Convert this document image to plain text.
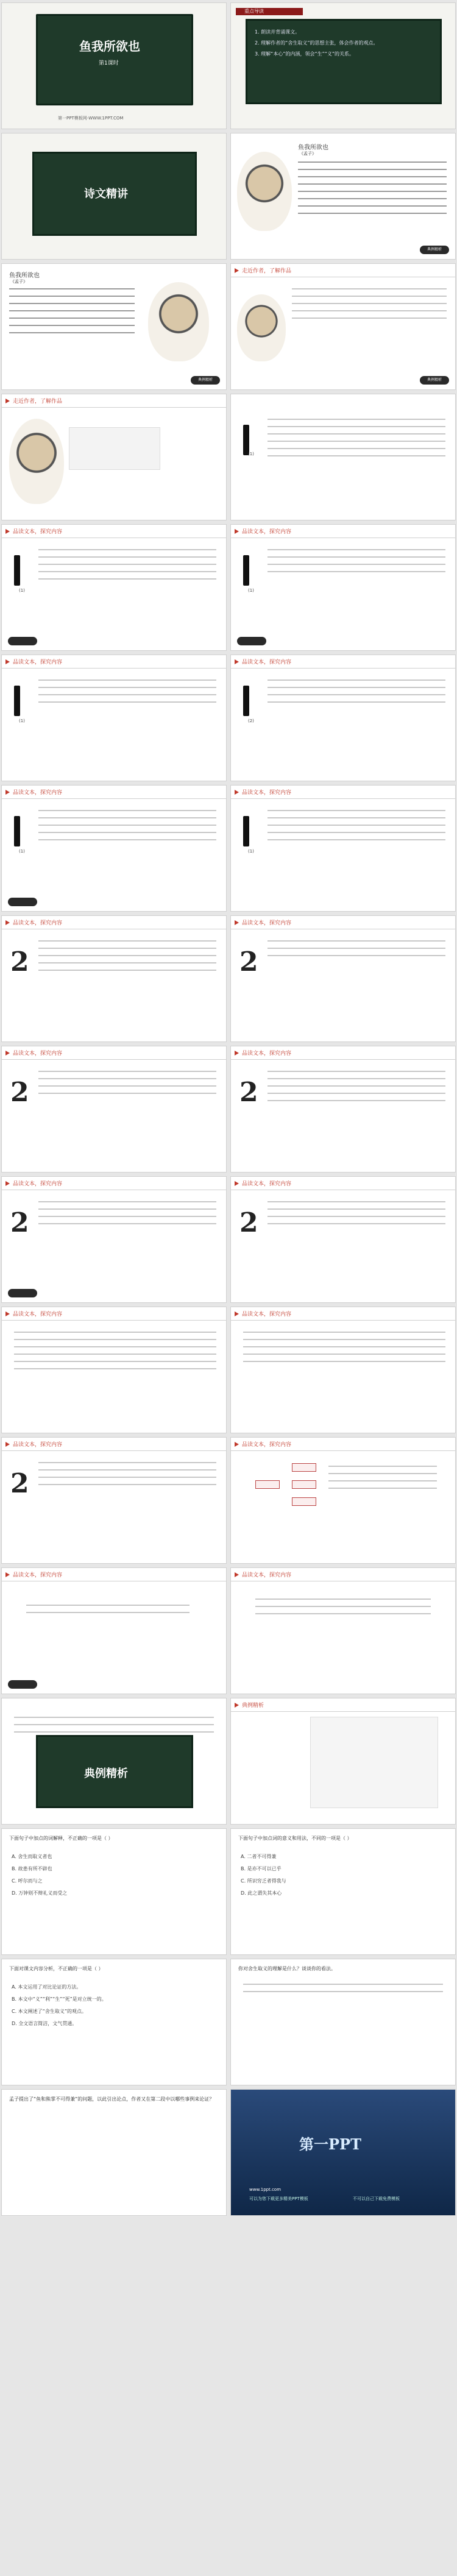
鱼我所欲也
第1课时
第一PPT模板网-WWW.1PPT.COM
重点导读
1. 朗读并背诵课文。
2. 理解作者的“舍生取义”的思想主张，体会作者的观点。
3. 理解“本心”的内涵，领会“生”“义”的关系。
诗文精讲
鱼我所欲也
《孟子》
典例精析
鱼我所欲也
《孟子》
典例精析
走近作者，了解作品
典例精析
走近作者，了解作品
(1)
品读文本，探究内容
(1)
品读文本，探究内容
(1)
品读文本，探究内容
(1)
品读文本，探究内容
(2)
品读文本，探究内容
(1)
品读文本，探究内容
(1)
品读文本，探究内容
2
品读文本，探究内容
2
品读文本，探究内容
2
品读文本，探究内容
2
品读文本，探究内容
2
品读文本，探究内容
2
品读文本，探究内容	品读文本，探究内容
品读文本，探究内容
2
品读文本，探究内容
品读文本，探究内容	品读文本，探究内容
典例精析
典例精析
下面句子中加点的词解释，不正确的一项是（ ）
A. 舍生而取义者也
B. 故患有所不辟也
C. 呼尔而与之
D. 万钟则不辩礼义而受之
下面句子中加点词的意义和用法，不同的一项是（ ）
A. 二者不可得兼
B. 是亦不可以已乎
C. 所识穷乏者得我与
D. 此之谓失其本心
下面对课文内容分析，不正确的一项是（ ）
A. 本文运用了对比论证的方法。
B. 本文中“义”“利”“生”“死”是对立统一的。
C. 本文阐述了“舍生取义”的观点。
D. 全文语言简洁，文气贯通。
你对舍生取义的理解是什么？谈谈你的看法。
孟子提出了“鱼和熊掌不可得兼”的问题，以此引出论点，作者又在第二段中以哪些事例来论证？
第一PPT
www.1ppt.com
可以为您下载更多精美PPT模板	不可以自己下载免费模板
